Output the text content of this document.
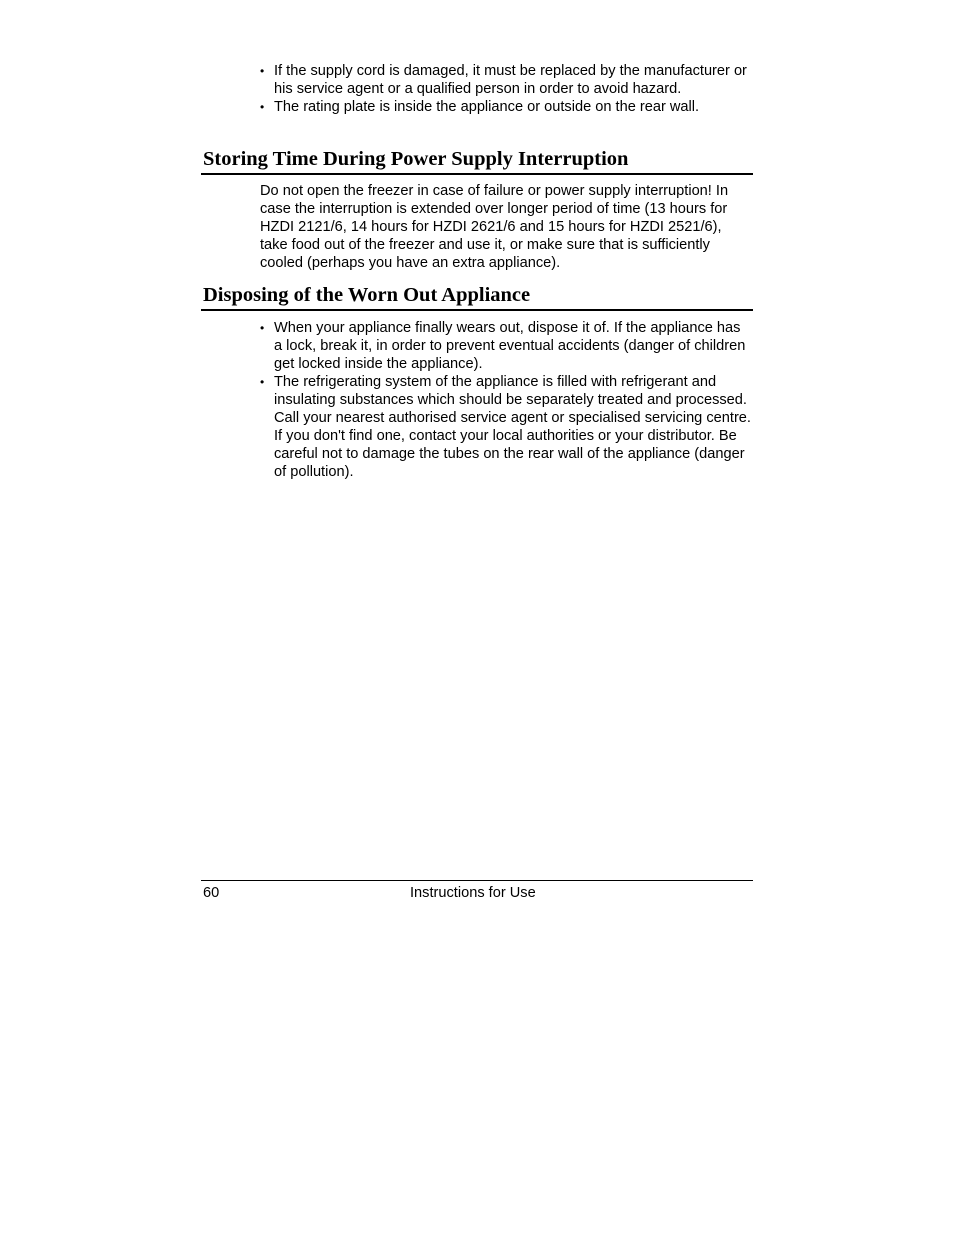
• If the supply cord is damaged, it must be replaced by the manufacturer or his service agent or a qualified person in order to avoid hazard.
• The rating plate is inside the appliance or outside on the rear wall.
Storing Time During Power Supply Interruption

Do not open the freezer in case of failure or power supply interruption! In case the interruption is extended over longer period of time (13 hours for HZDI 2121/6, 14 hours for HZDI 2621/6 and 15 hours for HZDI 2521/6), take food out of the freezer and use it, or make sure that is sufficiently cooled (perhaps you have an extra appliance).

Disposing of the Worn Out Appliance
• When your appliance finally wears out, dispose it of. If the appliance has a lock, break it, in order to prevent eventual accidents (danger of children get locked inside the appliance).
• The refrigerating system of the appliance is filled with refrigerant and insulating substances which should be separately treated and processed. Call your nearest authorised service agent or specialised servicing centre. If you don't find one, contact your local authorities or your distributor. Be careful not to damage the tubes on the rear wall of the appliance (danger of pollution).
60	Instructions for Use
